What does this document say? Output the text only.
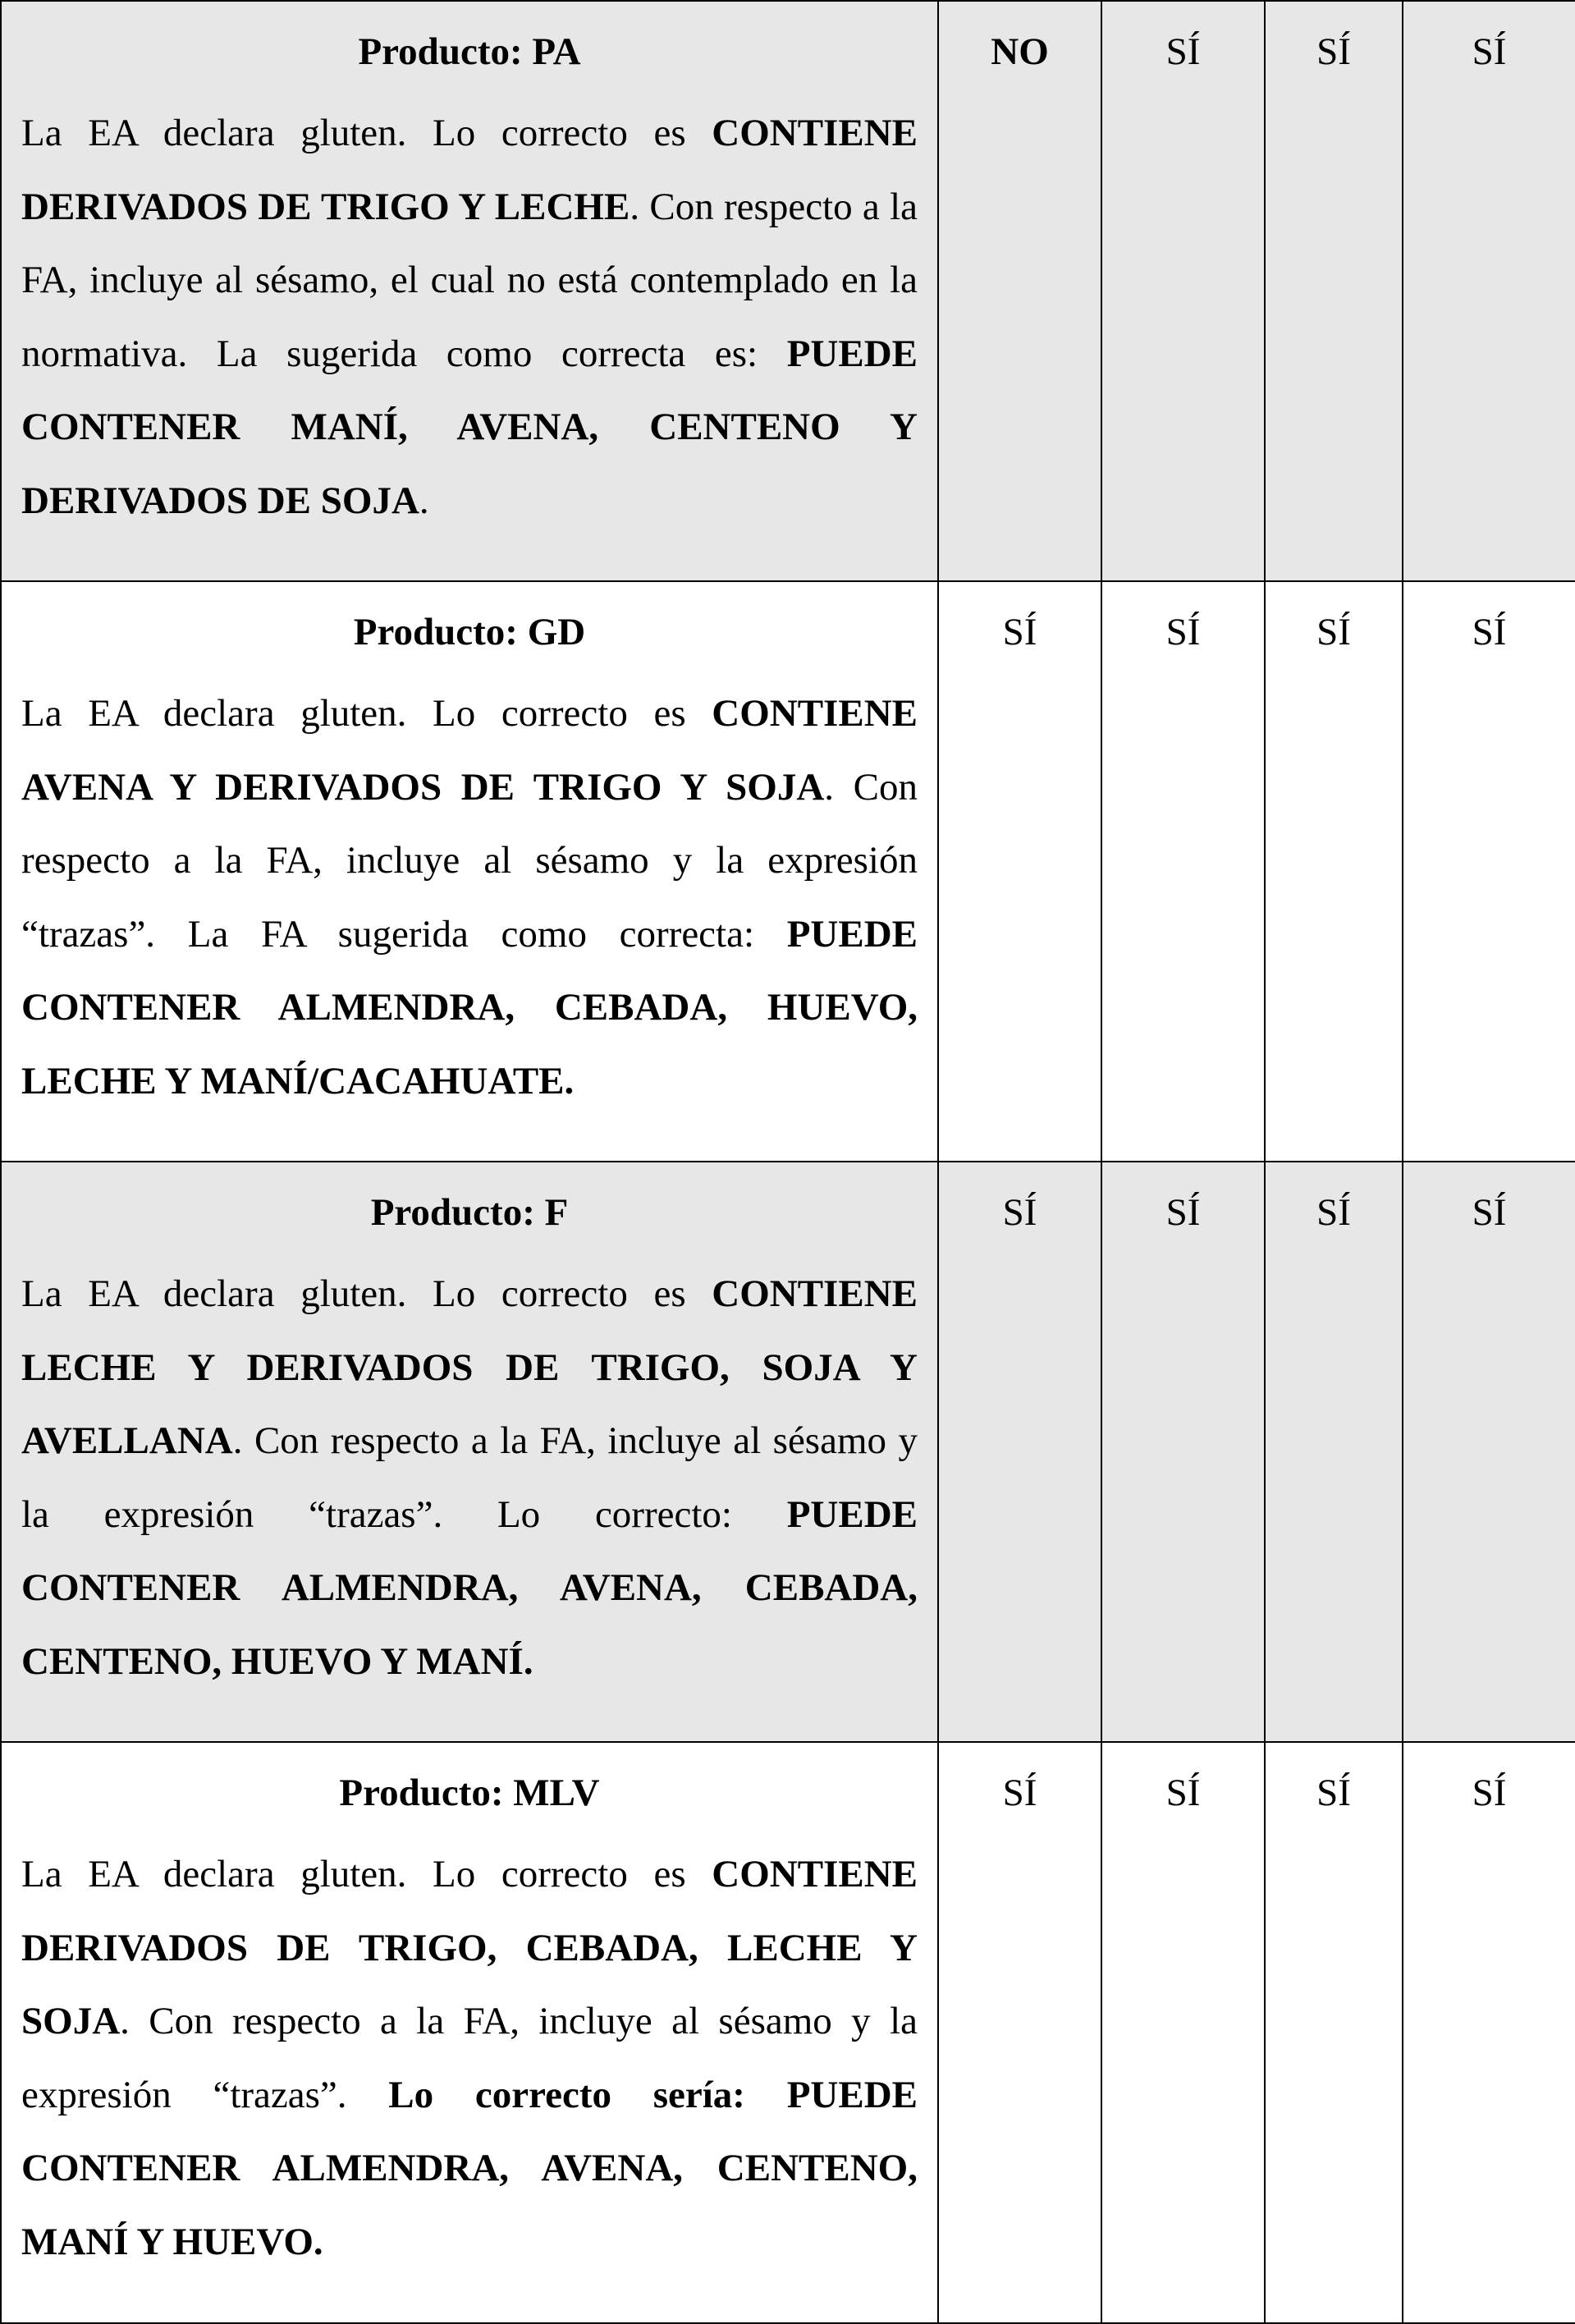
Producto: PA

La EA declara gluten. Lo correcto es CONTIENE DERIVADOS DE TRIGO Y LECHE. Con respecto a la FA, incluye al sésamo, el cual no está contemplado en la normativa. La sugerida como correcta es: PUEDE CONTENER MANÍ, AVENA, CENTENO Y DERIVADOS DE SOJA.	NO	SÍ	SÍ	SÍ

Producto: GD

La EA declara gluten. Lo correcto es CONTIENE AVENA Y DERIVADOS DE TRIGO Y SOJA. Con respecto a la FA, incluye al sésamo y la expresión “trazas”. La FA sugerida como correcta: PUEDE CONTENER ALMENDRA, CEBADA, HUEVO, LECHE Y MANÍ/CACAHUATE.	SÍ	SÍ	SÍ	SÍ

Producto: F

La EA declara gluten. Lo correcto es CONTIENE LECHE Y DERIVADOS DE TRIGO, SOJA Y AVELLANA. Con respecto a la FA, incluye al sésamo y la expresión “trazas”. Lo correcto: PUEDE CONTENER ALMENDRA, AVENA, CEBADA, CENTENO, HUEVO Y MANÍ.	SÍ	SÍ	SÍ	SÍ

Producto: MLV

La EA declara gluten. Lo correcto es CONTIENE DERIVADOS DE TRIGO, CEBADA, LECHE Y SOJA. Con respecto a la FA, incluye al sésamo y la expresión “trazas”. Lo correcto sería: PUEDE CONTENER ALMENDRA, AVENA, CENTENO, MANÍ Y HUEVO.	SÍ	SÍ	SÍ	SÍ
